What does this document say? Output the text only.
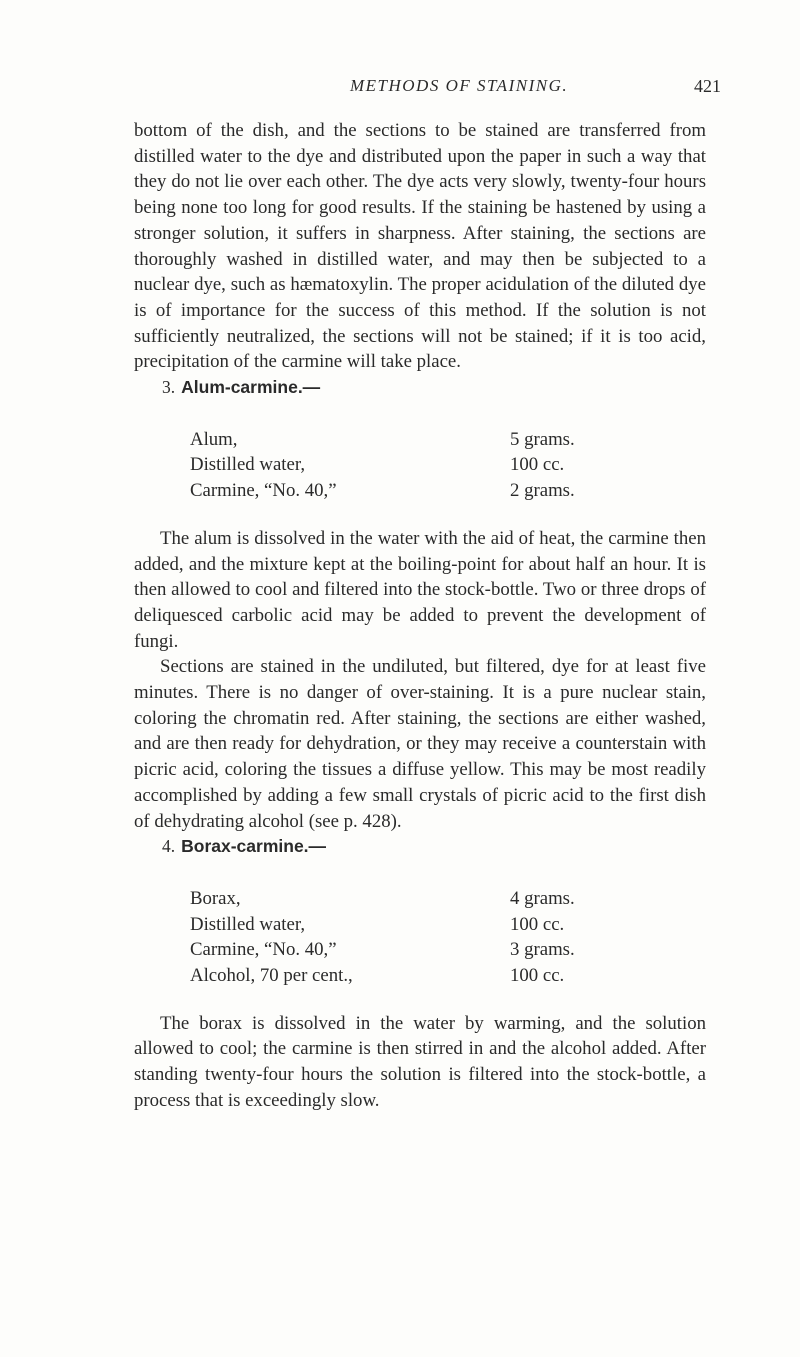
METHODS OF STAINING.	421

bottom of the dish, and the sections to be stained are transferred from distilled water to the dye and distributed upon the paper in such a way that they do not lie over each other. The dye acts very slowly, twenty-four hours being none too long for good results. If the staining be hastened by using a stronger solution, it suffers in sharpness. After staining, the sections are thoroughly washed in distilled water, and may then be subjected to a nuclear dye, such as hæmatoxylin. The proper acidulation of the diluted dye is of importance for the success of this method. If the solution is not sufficiently neutralized, the sections will not be stained; if it is too acid, precipitation of the carmine will take place.

3. Alum-carmine.—

Alum,	5 grams.
Distilled water,	100 cc.
Carmine, “No. 40,”	2 grams.

The alum is dissolved in the water with the aid of heat, the carmine then added, and the mixture kept at the boiling-point for about half an hour. It is then allowed to cool and filtered into the stock-bottle. Two or three drops of deliquesced carbolic acid may be added to prevent the development of fungi.

Sections are stained in the undiluted, but filtered, dye for at least five minutes. There is no danger of over-staining. It is a pure nuclear stain, coloring the chromatin red. After staining, the sections are either washed, and are then ready for dehydration, or they may receive a counterstain with picric acid, coloring the tissues a diffuse yellow. This may be most readily accomplished by adding a few small crystals of picric acid to the first dish of dehydrating alcohol (see p. 428).

4. Borax-carmine.—

Borax,	4 grams.
Distilled water,	100 cc.
Carmine, “No. 40,”	3 grams.
Alcohol, 70 per cent.,	100 cc.

The borax is dissolved in the water by warming, and the solution allowed to cool; the carmine is then stirred in and the alcohol added. After standing twenty-four hours the solution is filtered into the stock-bottle, a process that is exceedingly slow.
